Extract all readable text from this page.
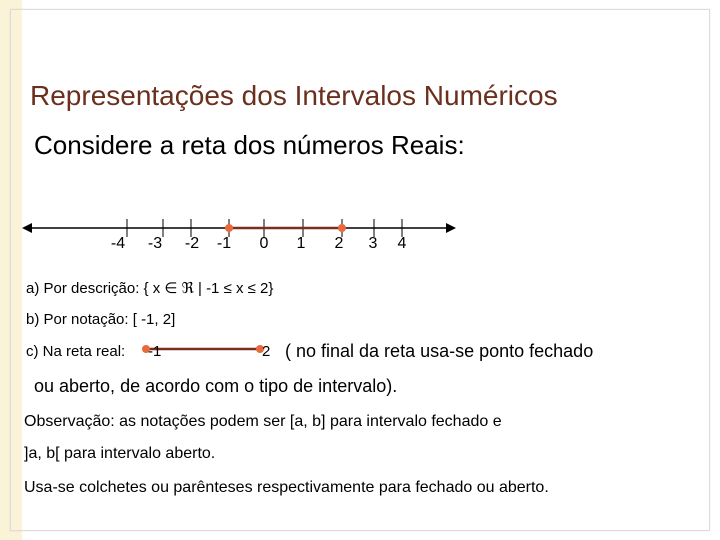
Representações dos Intervalos Numéricos
Considere a reta dos números Reais:
-4 -3 -2 -1 0 1 2 3 4
a) Por descrição: { x ∈ ℜ | -1 ≤ x ≤ 2}
b) Por notação: [ -1, 2]
c) Na reta real: -1	2 ( no final da reta usa-se ponto fechado
ou aberto, de acordo com o tipo de intervalo).
Observação: as notações podem ser [a, b] para intervalo fechado e
]a, b[ para intervalo aberto.
Usa-se colchetes ou parênteses respectivamente para fechado ou aberto.
